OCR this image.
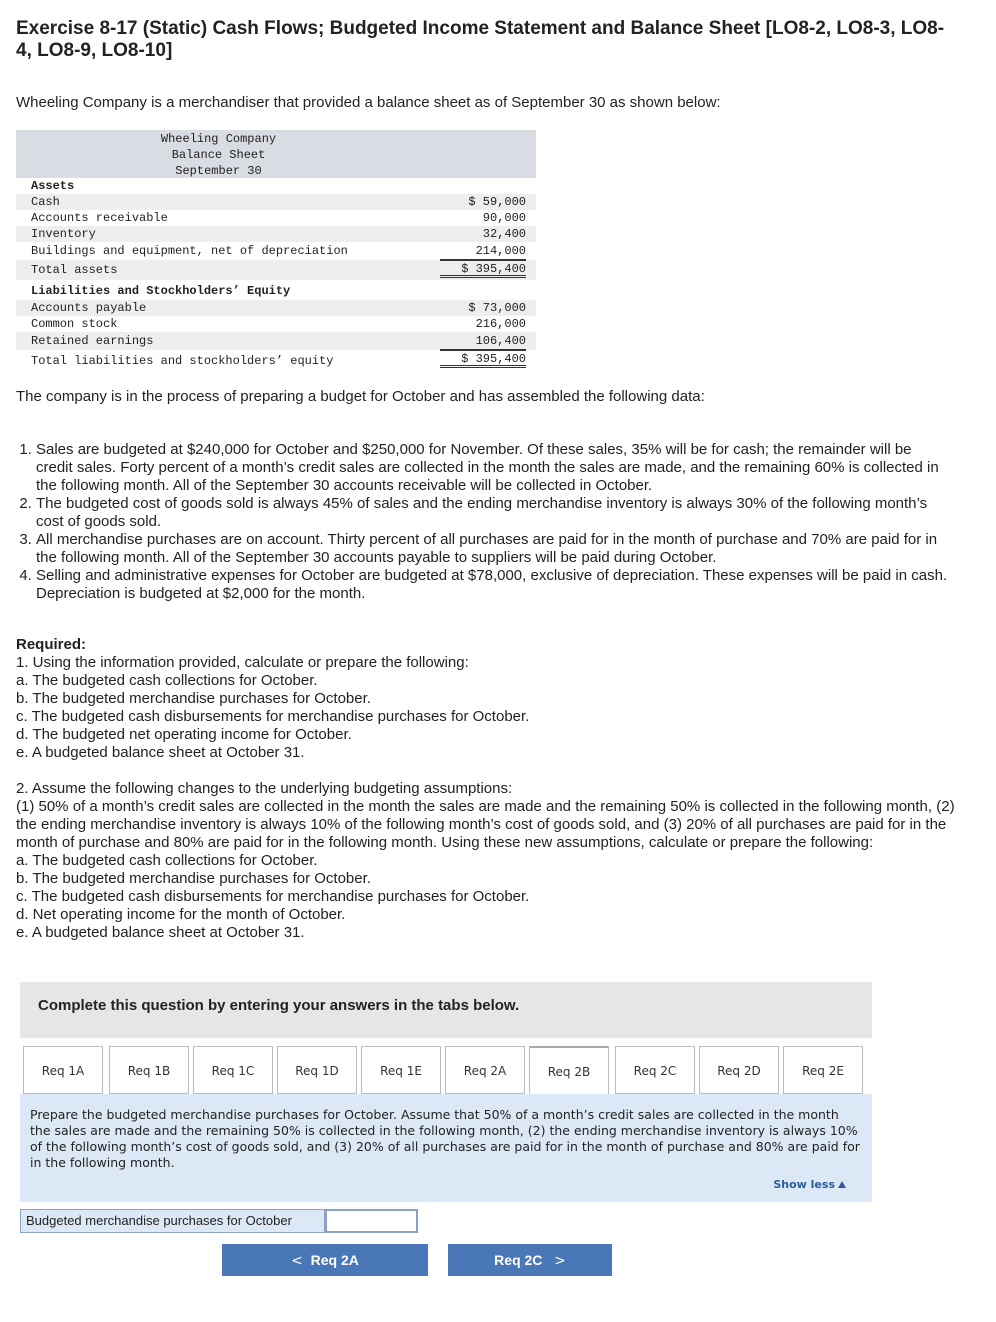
Exercise 8-17 (Static) Cash Flows; Budgeted Income Statement and Balance Sheet [LO8-2, LO8-3, LO8-4, LO8-9, LO8-10]
Wheeling Company is a merchandiser that provided a balance sheet as of September 30 as shown below:
Wheeling Company
Balance Sheet
September 30
Assets
Cash	$ 59,000
Accounts receivable	90,000
Inventory	32,400
Buildings and equipment, net of depreciation	214,000
Total assets	$ 395,400
Liabilities and Stockholders’ Equity
Accounts payable	$ 73,000
Common stock	216,000
Retained earnings	106,400
Total liabilities and stockholders’ equity	$ 395,400
The company is in the process of preparing a budget for October and has assembled the following data:
1. Sales are budgeted at $240,000 for October and $250,000 for November. Of these sales, 35% will be for cash; the remainder will be credit sales. Forty percent of a month’s credit sales are collected in the month the sales are made, and the remaining 60% is collected in the following month. All of the September 30 accounts receivable will be collected in October.
2. The budgeted cost of goods sold is always 45% of sales and the ending merchandise inventory is always 30% of the following month’s cost of goods sold.
3. All merchandise purchases are on account. Thirty percent of all purchases are paid for in the month of purchase and 70% are paid for in the following month. All of the September 30 accounts payable to suppliers will be paid during October.
4. Selling and administrative expenses for October are budgeted at $78,000, exclusive of depreciation. These expenses will be paid in cash. Depreciation is budgeted at $2,000 for the month.
Required:
1. Using the information provided, calculate or prepare the following:
a. The budgeted cash collections for October.
b. The budgeted merchandise purchases for October.
c. The budgeted cash disbursements for merchandise purchases for October.
d. The budgeted net operating income for October.
e. A budgeted balance sheet at October 31.
2. Assume the following changes to the underlying budgeting assumptions:
(1) 50% of a month’s credit sales are collected in the month the sales are made and the remaining 50% is collected in the following month, (2) the ending merchandise inventory is always 10% of the following month’s cost of goods sold, and (3) 20% of all purchases are paid for in the month of purchase and 80% are paid for in the following month. Using these new assumptions, calculate or prepare the following:
a. The budgeted cash collections for October.
b. The budgeted merchandise purchases for October.
c. The budgeted cash disbursements for merchandise purchases for October.
d. Net operating income for the month of October.
e. A budgeted balance sheet at October 31.
Complete this question by entering your answers in the tabs below.
Req 1A	Req 1B	Req 1C	Req 1D	Req 1E	Req 2A	Req 2B	Req 2C	Req 2D	Req 2E
Prepare the budgeted merchandise purchases for October. Assume that 50% of a month’s credit sales are collected in the month the sales are made and the remaining 50% is collected in the following month, (2) the ending merchandise inventory is always 10% of the following month’s cost of goods sold, and (3) 20% of all purchases are paid for in the month of purchase and 80% are paid for in the following month.
Show less
Budgeted merchandise purchases for October
< Req 2A	Req 2C >
